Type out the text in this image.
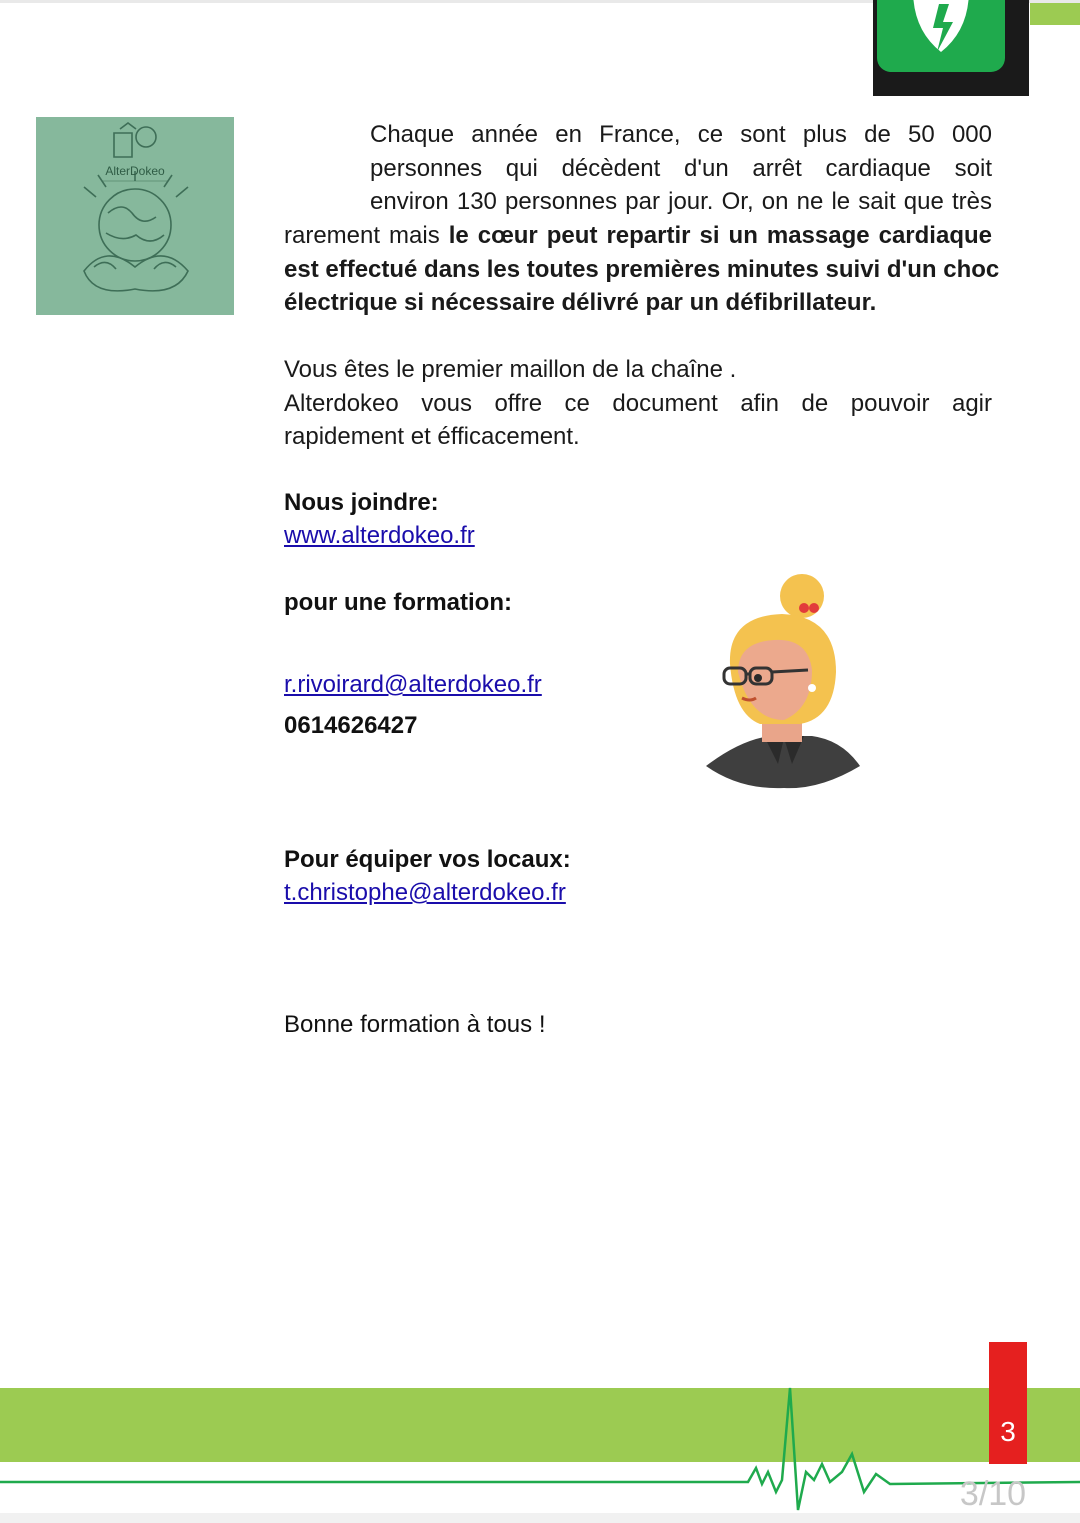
AlterDokeo
Chaque année en France, ce sont plus de 50 000
personnes qui décèdent d'un arrêt cardiaque soit
environ 130 personnes par jour. Or, on ne le sait que très
rarement mais le cœur peut repartir si un massage cardiaque
est effectué dans les toutes premières minutes suivi d'un choc
électrique si nécessaire délivré par un défibrillateur.
Vous êtes le premier maillon de la chaîne .
Alterdokeo vous offre ce document afin de pouvoir agir
rapidement et éfficacement.
Nous joindre:
www.alterdokeo.fr
pour une formation:
r.rivoirard@alterdokeo.fr
0614626427
Pour équiper vos locaux:
t.christophe@alterdokeo.fr
Bonne formation à tous !
3
3/10
